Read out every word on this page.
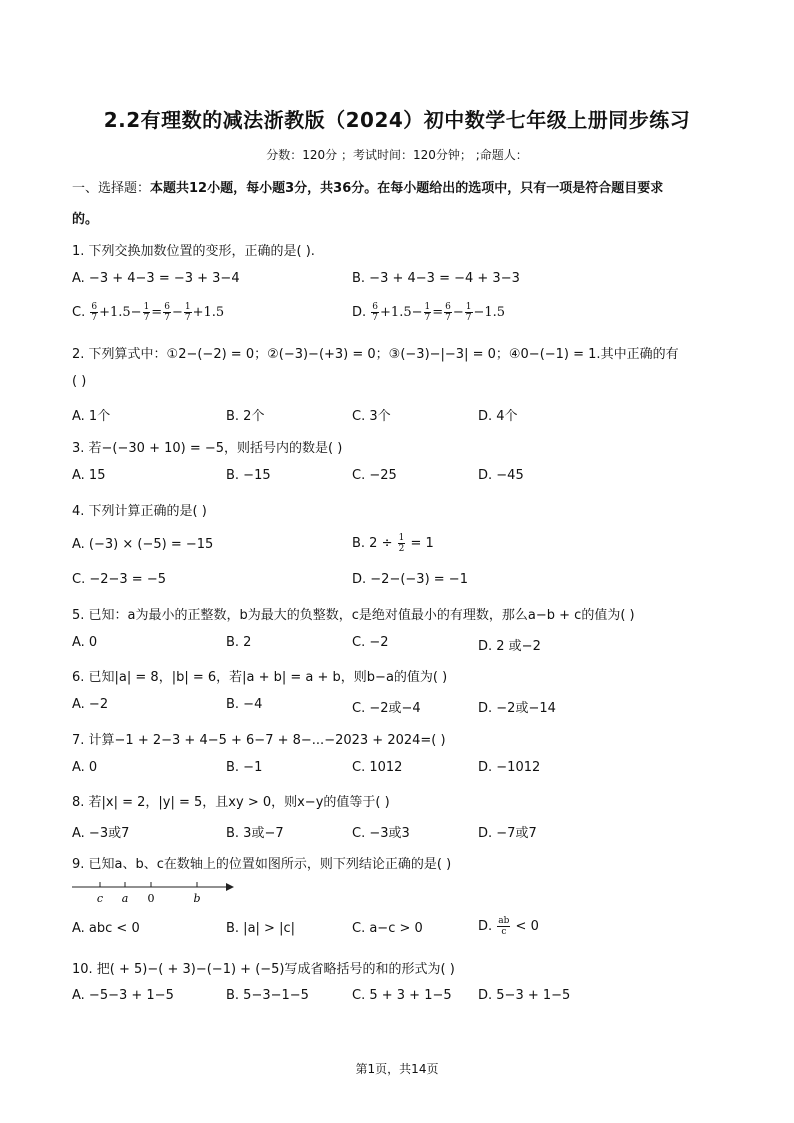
2.2有理数的减法浙教版（2024）初中数学七年级上册同步练习
分数：120分 ；考试时间：120分钟； ;命题人：
一、选择题：本题共12小题，每小题3分，共36分。在每小题给出的选项中，只有一项是符合题目要求
的。
1. 下列交换加数位置的变形，正确的是( ).
A. −3 + 4−3 = −3 + 3−4	B. −3 + 4−3 = −4 + 3−3
C. $\frac{6}{7} +1.5- \frac{1}{7} = \frac{6}{7} - \frac{1}{7} +1.5$	D. $\frac{6}{7} +1.5- \frac{1}{7} = \frac{6}{7} - \frac{1}{7} -1.5$
2. 下列算式中：①2−(−2) = 0；②(−3)−(+3) = 0；③(−3)−|−3| = 0；④0−(−1) = 1.其中正确的有
( )
A. 1个	B. 2个	C. 3个	D. 4个
3. 若−(−30 + 10) = −5，则括号内的数是( )
A. 15	B. −15	C. −25	D. −45
4. 下列计算正确的是( )
A. (−3) × (−5) = −15	B. $2 \div \frac{1}{2} = 1$
C. −2−3 = −5	D. −2−(−3) = −1
5. 已知：a为最小的正整数，b为最大的负整数，c是绝对值最小的有理数，那么a−b + c的值为( )
A. 0	B. 2	C. −2	D. 2 或−2
6. 已知|a| = 8，|b| = 6，若|a + b| = a + b，则b−a的值为( )
A. −2	B. −4	C. −2或−4	D. −2或−14
7. 计算−1 + 2−3 + 4−5 + 6−7 + 8−...−2023 + 2024=( )
A. 0	B. −1	C. 1012	D. −1012
8. 若|x| = 2，|y| = 5，且xy > 0，则x−y的值等于( )
A. −3或7	B. 3或−7	C. −3或3	D. −7或7
9. 已知a、b、c在数轴上的位置如图所示，则下列结论正确的是( )
c a 0	b
A. abc < 0	B. |a| > |c|	C. a−c > 0	D. $\frac{ab}{c} < 0$
10. 把( + 5)−( + 3)−(−1) + (−5)写成省略括号的和的形式为( )
A. −5−3 + 1−5	B. 5−3−1−5	C. 5 + 3 + 1−5 D. 5−3 + 1−5
第1页，共14页
